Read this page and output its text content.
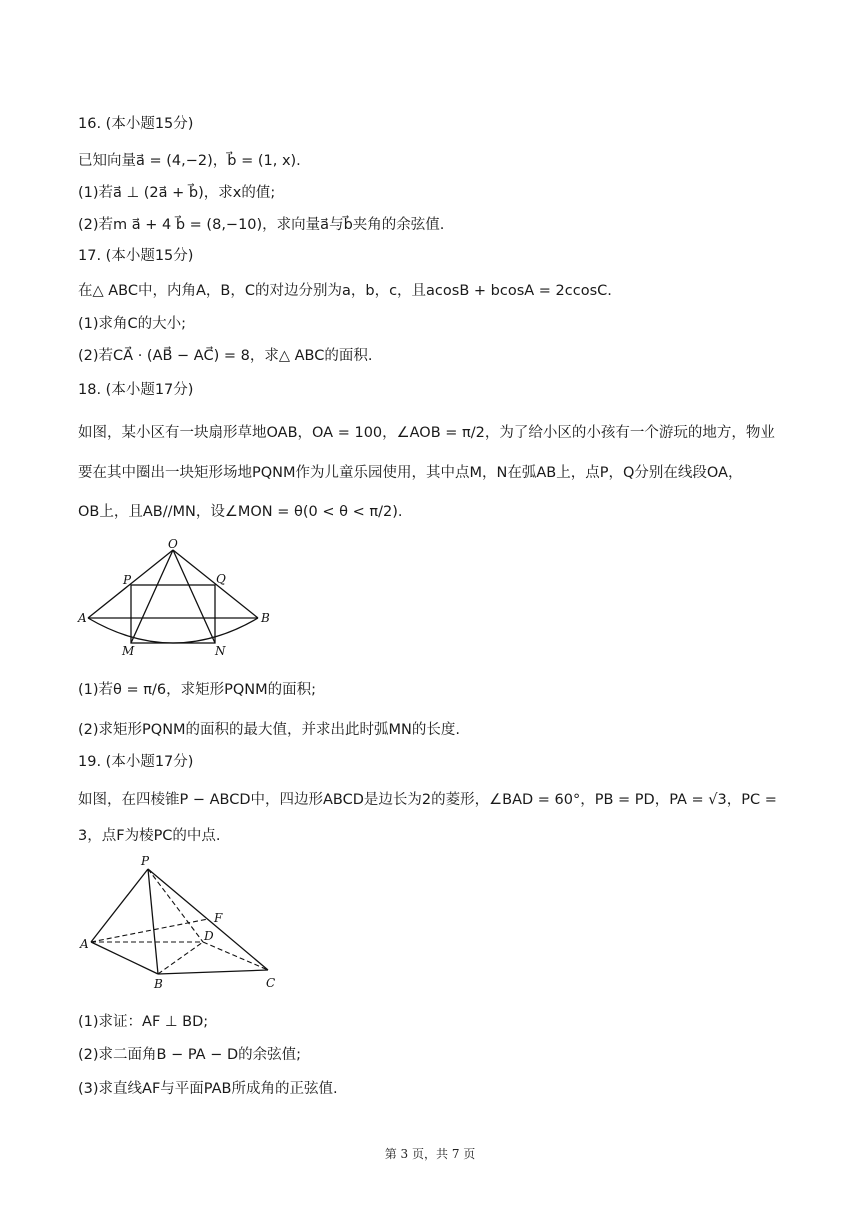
16. (本小题15分)
已知向量a⃗ = (4,−2)，b⃗ = (1, x).
(1)若a⃗ ⊥ (2a⃗ + b⃗)，求x的值;
(2)若m a⃗ + 4 b⃗ = (8,−10)，求向量a⃗与b⃗夹角的余弦值.
17. (本小题15分)
在△ ABC中，内角A，B，C的对边分别为a，b，c，且acosB + bcosA = 2ccosC.
(1)求角C的大小;
(2)若CA⃗ · (AB⃗ − AC⃗) = 8，求△ ABC的面积.
18. (本小题17分)
如图，某小区有一块扇形草地OAB，OA = 100，∠AOB = π/2，为了给小区的小孩有一个游玩的地方，物业
要在其中圈出一块矩形场地PQNM作为儿童乐园使用，其中点M，N在弧AB上，点P，Q分别在线段OA，
OB上，且AB//MN，设∠MON = θ(0 < θ < π/2).
O
P	Q
A	B
M	N
(1)若θ = π/6，求矩形PQNM的面积;
(2)求矩形PQNM的面积的最大值，并求出此时弧MN的长度.
19. (本小题17分)
如图，在四棱锥P − ABCD中，四边形ABCD是边长为2的菱形，∠BAD = 60°，PB = PD，PA = √3，PC =
3，点F为棱PC的中点.
P
F
A
D
B	C
(1)求证：AF ⊥ BD;
(2)求二面角B − PA − D的余弦值;
(3)求直线AF与平面PAB所成角的正弦值.
第 3 页，共 7 页
